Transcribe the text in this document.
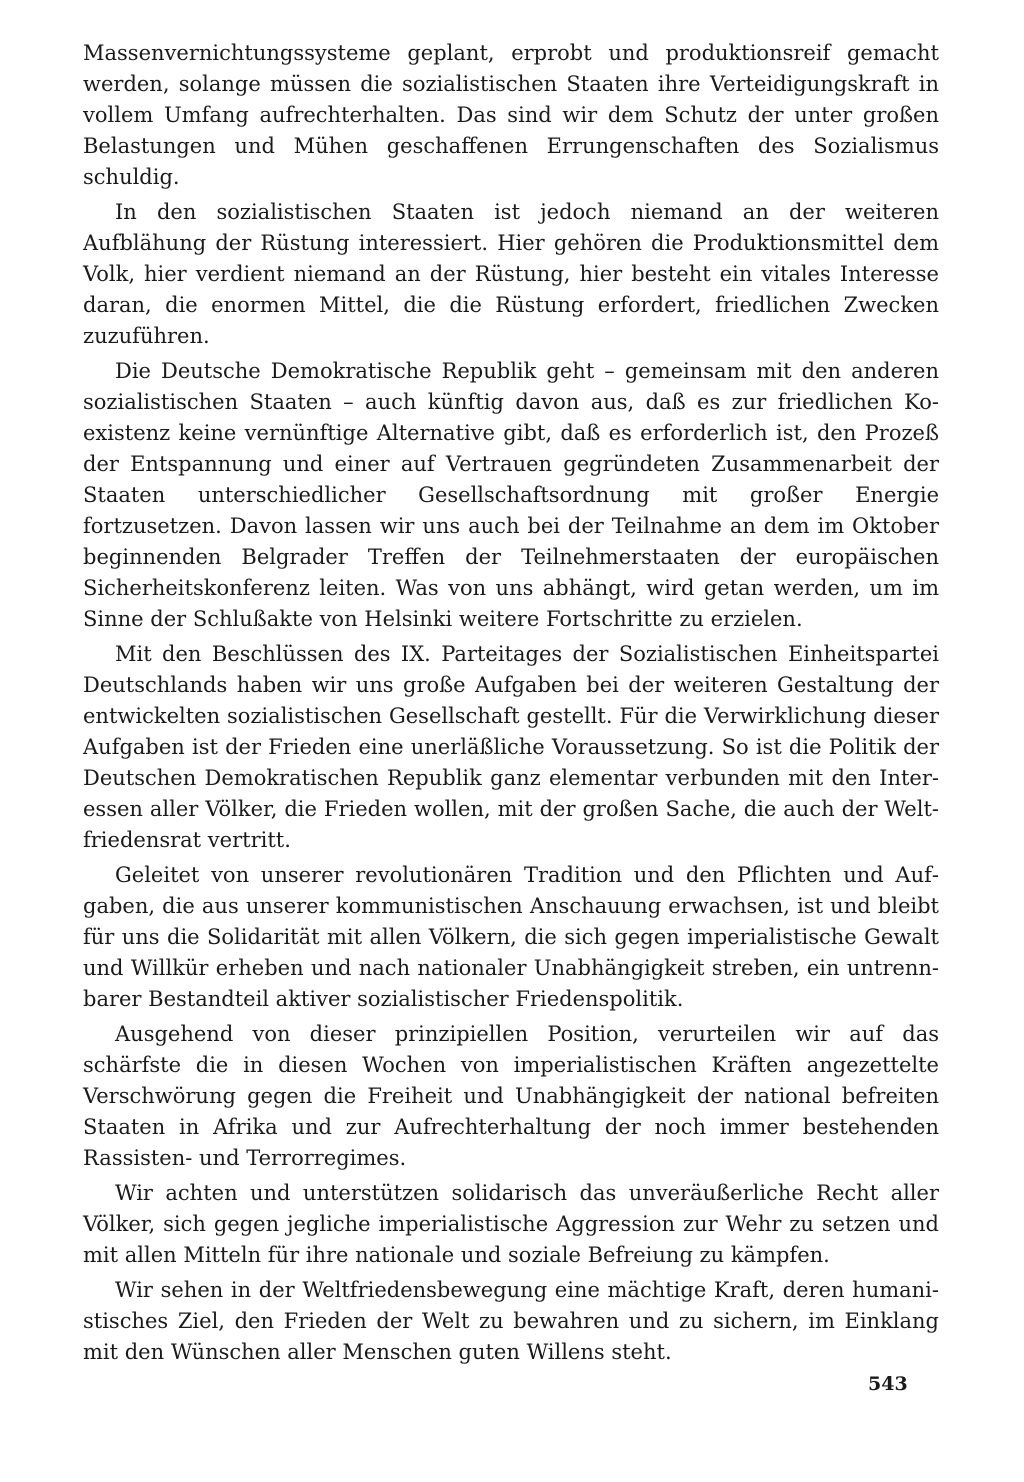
Massenvernichtungssysteme geplant, erprobt und produktionsreif gemacht werden, solange müssen die sozialistischen Staaten ihre Verteidigungskraft in vollem Umfang aufrechterhalten. Das sind wir dem Schutz der unter großen Belastungen und Mühen geschaffenen Errungenschaften des Sozialismus schuldig.

In den sozialistischen Staaten ist jedoch niemand an der weiteren Aufblähung der Rüstung interessiert. Hier gehören die Produktionsmittel dem Volk, hier verdient niemand an der Rüstung, hier besteht ein vitales Interesse daran, die enormen Mittel, die die Rüstung erfordert, friedlichen Zwecken zuzuführen.

Die Deutsche Demokratische Republik geht – gemeinsam mit den anderen sozialistischen Staaten – auch künftig davon aus, daß es zur friedlichen Koexistenz keine vernünftige Alternative gibt, daß es erforderlich ist, den Prozeß der Entspannung und einer auf Vertrauen gegründeten Zusammenarbeit der Staaten unterschiedlicher Gesellschaftsordnung mit großer Energie fortzusetzen. Davon lassen wir uns auch bei der Teilnahme an dem im Oktober beginnenden Belgrader Treffen der Teilnehmerstaaten der europäischen Sicherheitskonferenz leiten. Was von uns abhängt, wird getan werden, um im Sinne der Schlußakte von Helsinki weitere Fortschritte zu erzielen.

Mit den Beschlüssen des IX. Parteitages der Sozialistischen Einheitspartei Deutschlands haben wir uns große Aufgaben bei der weiteren Gestaltung der entwickelten sozialistischen Gesellschaft gestellt. Für die Verwirklichung dieser Aufgaben ist der Frieden eine unerläßliche Voraussetzung. So ist die Politik der Deutschen Demokratischen Republik ganz elementar verbunden mit den Interessen aller Völker, die Frieden wollen, mit der großen Sache, die auch der Weltfriedensrat vertritt.

Geleitet von unserer revolutionären Tradition und den Pflichten und Aufgaben, die aus unserer kommunistischen Anschauung erwachsen, ist und bleibt für uns die Solidarität mit allen Völkern, die sich gegen imperialistische Gewalt und Willkür erheben und nach nationaler Unabhängigkeit streben, ein untrennbarer Bestandteil aktiver sozialistischer Friedenspolitik.

Ausgehend von dieser prinzipiellen Position, verurteilen wir auf das schärfste die in diesen Wochen von imperialistischen Kräften angezettelte Verschwörung gegen die Freiheit und Unabhängigkeit der national befreiten Staaten in Afrika und zur Aufrechterhaltung der noch immer bestehenden Rassisten- und Terrorregimes.

Wir achten und unterstützen solidarisch das unveräußerliche Recht aller Völker, sich gegen jegliche imperialistische Aggression zur Wehr zu setzen und mit allen Mitteln für ihre nationale und soziale Befreiung zu kämpfen.

Wir sehen in der Weltfriedensbewegung eine mächtige Kraft, deren humanistisches Ziel, den Frieden der Welt zu bewahren und zu sichern, im Einklang mit den Wünschen aller Menschen guten Willens steht.

543
